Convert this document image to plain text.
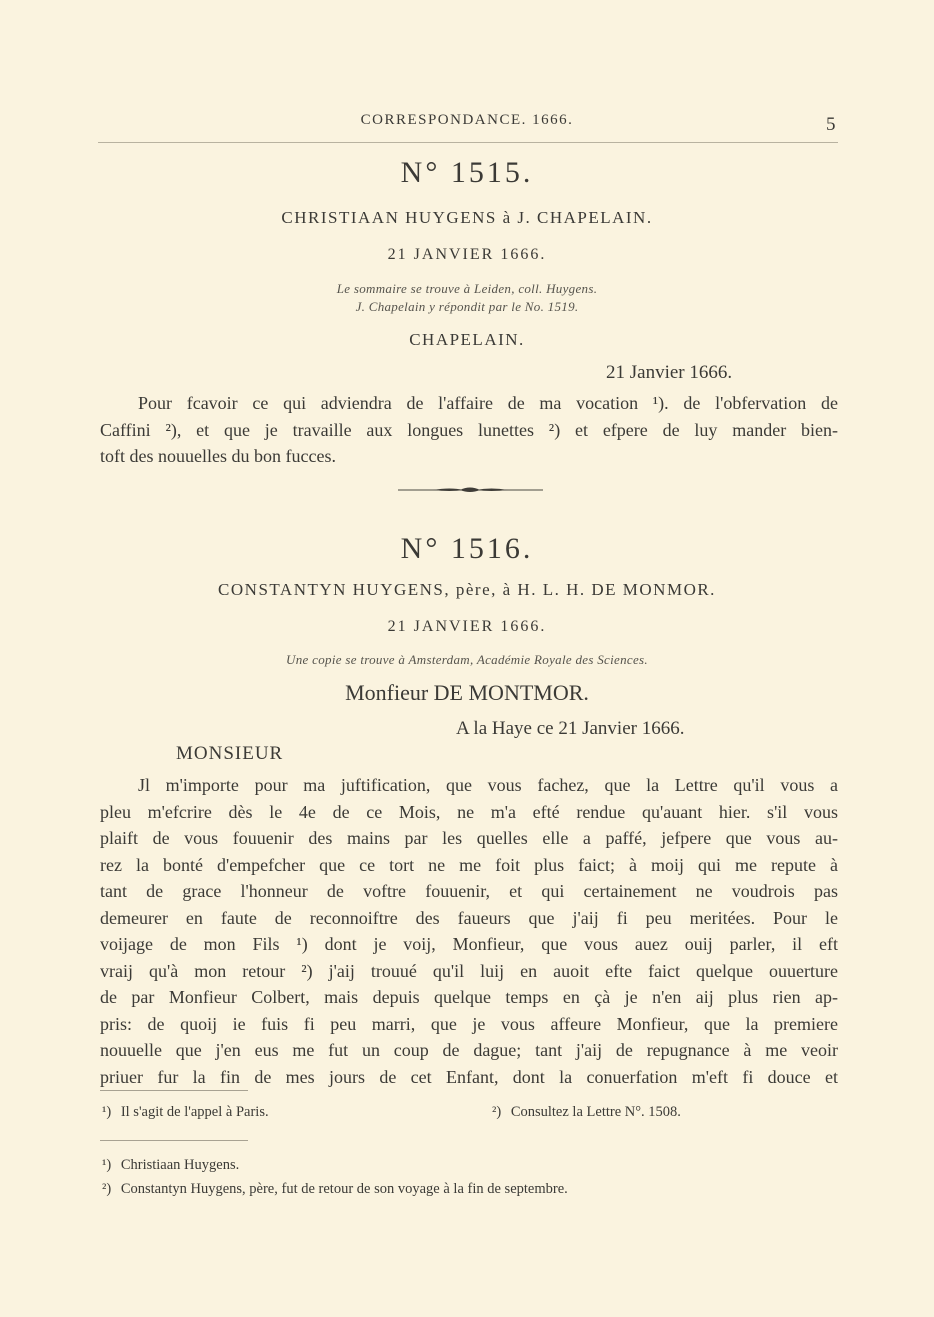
CORRESPONDANCE. 1666.	5
N° 1515.
CHRISTIAAN HUYGENS à J. CHAPELAIN.
21 JANVIER 1666.
Le sommaire se trouve à Leiden, coll. Huygens.
J. Chapelain y répondit par le No. 1519.
CHAPELAIN.
21 Janvier 1666.
Pour fcavoir ce qui adviendra de l'affaire de ma vocation ¹). de l'obfervation de
Caffini ²), et que je travaille aux longues lunettes ²) et efpere de luy mander bien-
toft des nouuelles du bon fucces.
N° 1516.
CONSTANTYN HUYGENS, père, à H. L. H. DE MONMOR.
21 JANVIER 1666.
Une copie se trouve à Amsterdam, Académie Royale des Sciences.
Monfieur DE MONTMOR.
A la Haye ce 21 Janvier 1666.
MONSIEUR
Jl m'importe pour ma juftification, que vous fachez, que la Lettre qu'il vous a
pleu m'efcrire dès le 4e de ce Mois, ne m'a efté rendue qu'auant hier. s'il vous
plaift de vous fouuenir des mains par les quelles elle a paffé, jefpere que vous au-
rez la bonté d'empefcher que ce tort ne me foit plus faict; à moij qui me repute à
tant de grace l'honneur de voftre fouuenir, et qui certainement ne voudrois pas
demeurer en faute de reconnoiftre des faueurs que j'aij fi peu meritées. Pour le
voijage de mon Fils ¹) dont je voij, Monfieur, que vous auez ouij parler, il eft
vraij qu'à mon retour ²) j'aij trouué qu'il luij en auoit efte faict quelque ouuerture
de par Monfieur Colbert, mais depuis quelque temps en çà je n'en aij plus rien ap-
pris: de quoij ie fuis fi peu marri, que je vous affeure Monfieur, que la premiere
nouuelle que j'en eus me fut un coup de dague; tant j'aij de repugnance à me veoir
priuer fur la fin de mes jours de cet Enfant, dont la conuerfation m'eft fi douce et
¹) Il s'agit de l'appel à Paris.	²) Consultez la Lettre N°. 1508.
¹) Christiaan Huygens.
²) Constantyn Huygens, père, fut de retour de son voyage à la fin de septembre.
